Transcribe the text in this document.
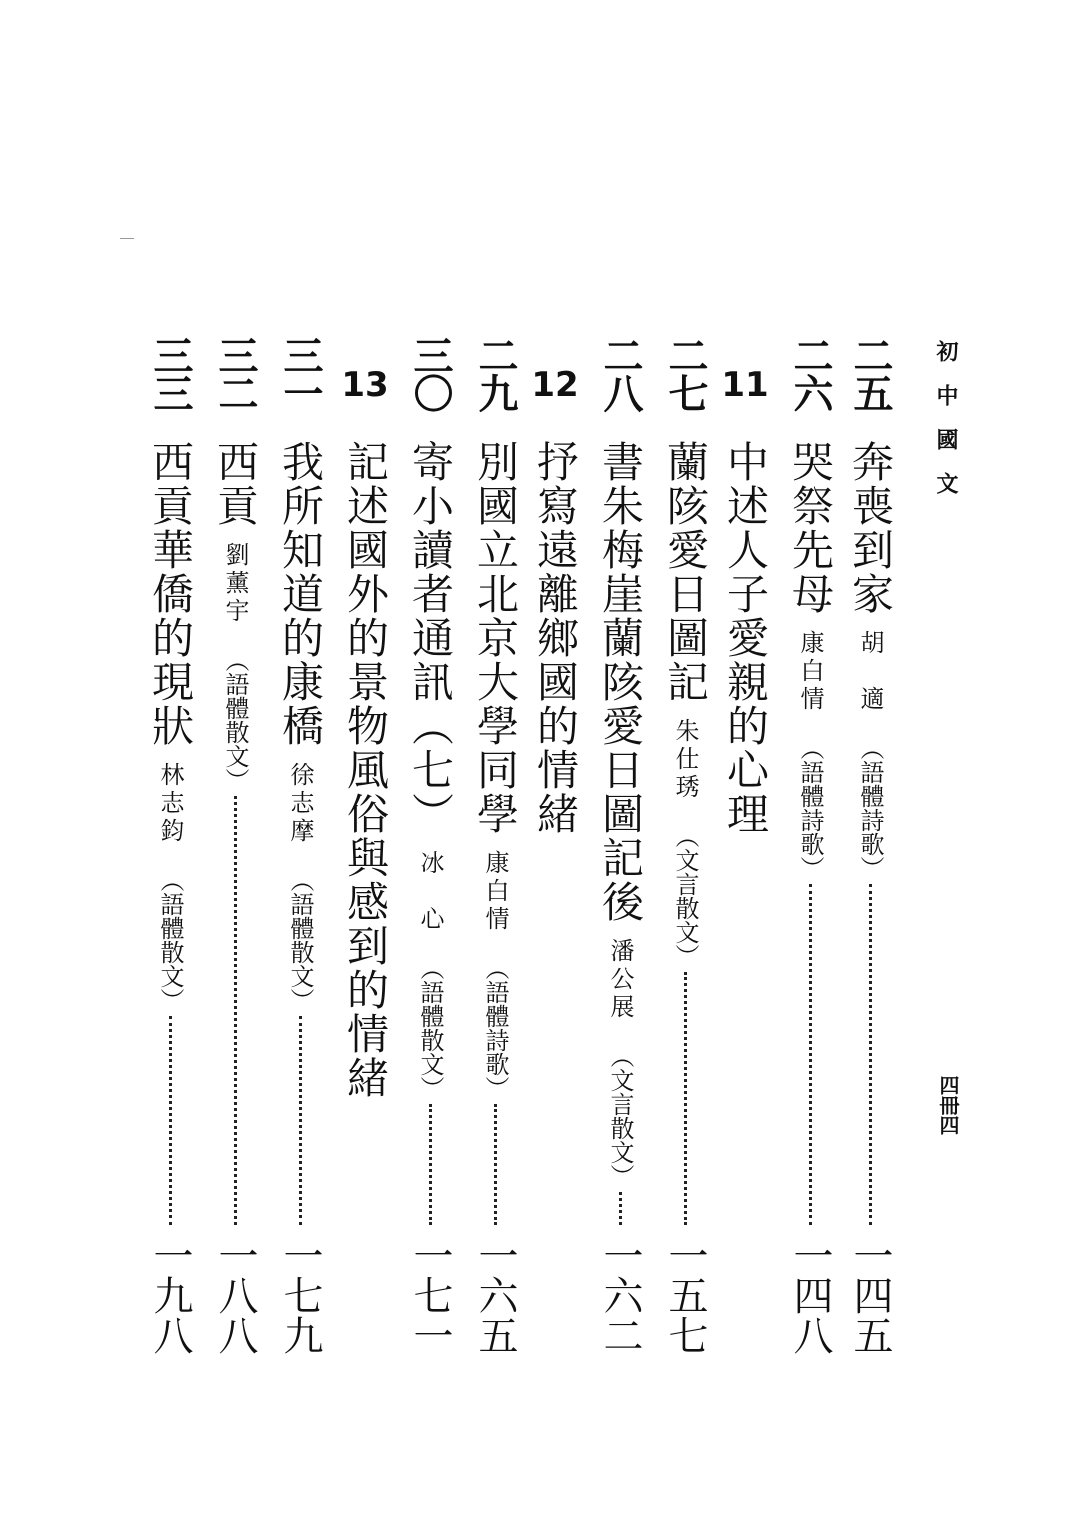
初中國文
四冊四
二五
奔喪到家
胡　適
（語體詩歌）
一四五
二六
哭祭先母
康白情
（語體詩歌）
一四八
11
中述人子愛親的心理
二七
蘭陔愛日圖記
朱仕琇
（文言散文）
一五七
二八
書朱梅崖蘭陔愛日圖記後
潘公展
（文言散文）
一六二
12
抒寫遠離鄉國的情緒
二九
別國立北京大學同學
康白情
（語體詩歌）
一六五
三〇
寄小讀者通訊（七）
冰　心
（語體散文）
一七一
13
記述國外的景物風俗與感到的情緒
三一
我所知道的康橋
徐志摩
（語體散文）
一七九
三二
西貢
劉薰宇
（語體散文）
一八八
三三
西貢華僑的現狀
林志鈞
（語體散文）
一九八
